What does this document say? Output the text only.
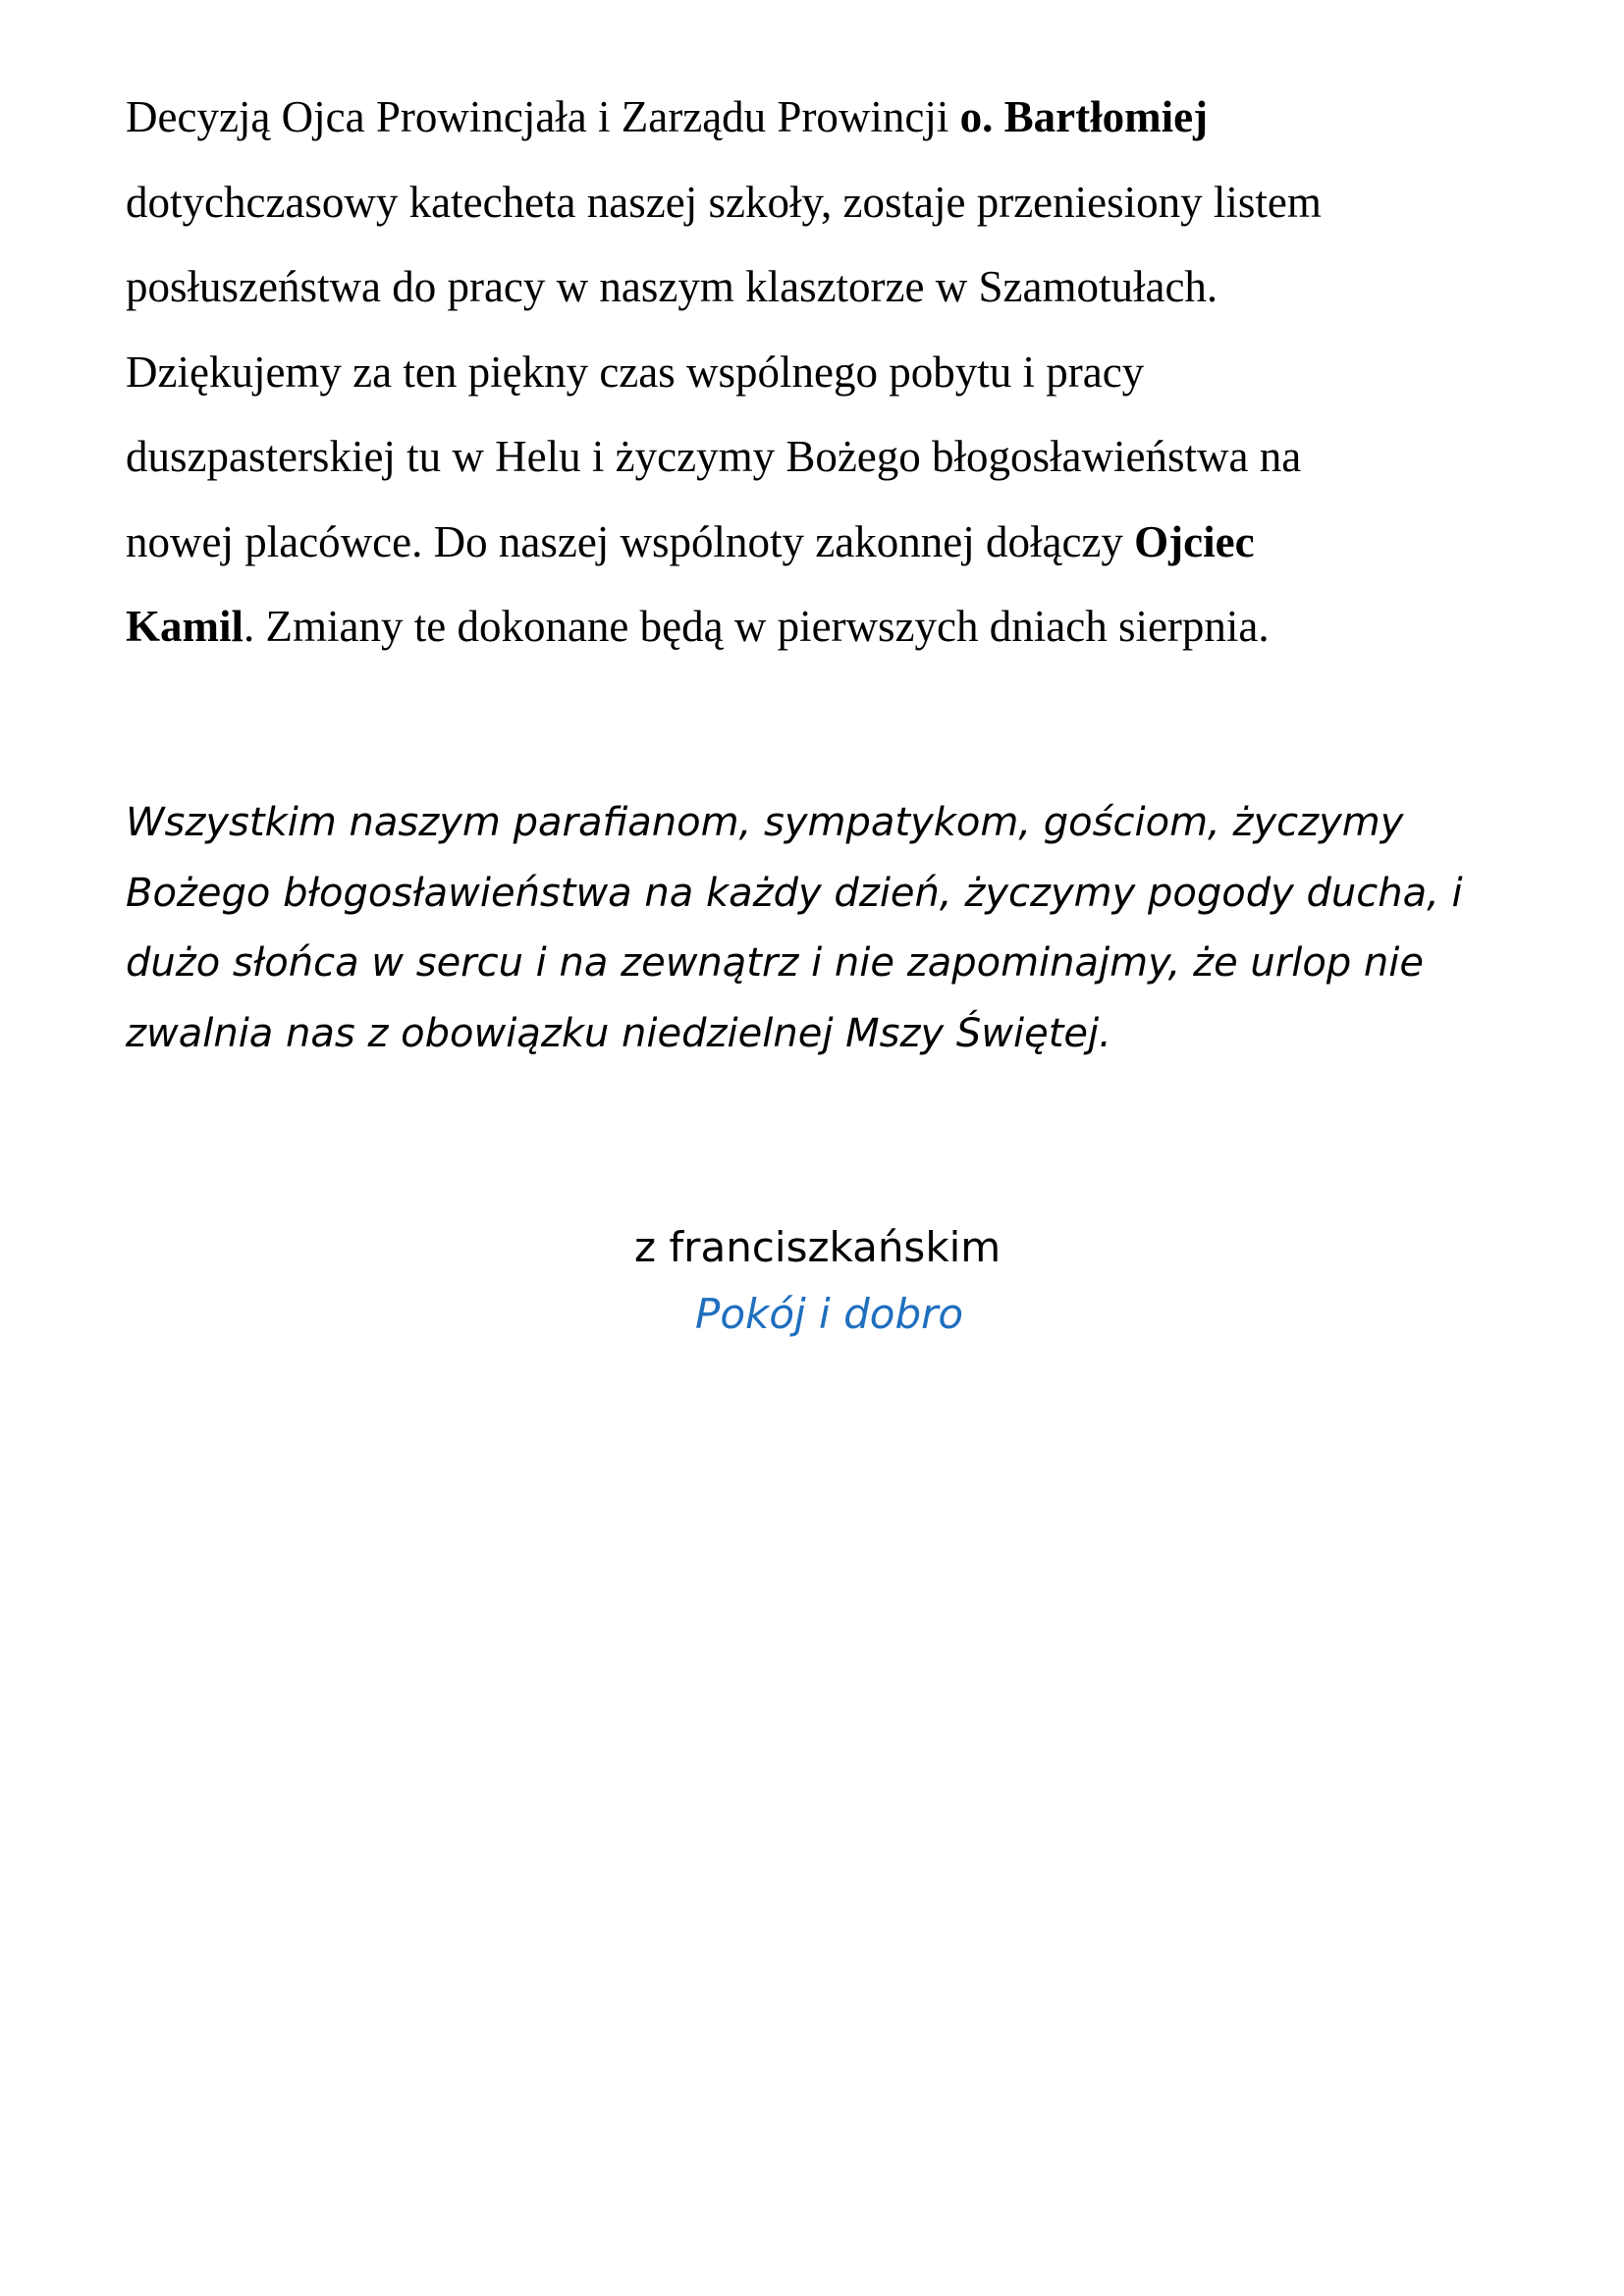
Decyzją Ojca Prowincjała i Zarządu Prowincji o. Bartłomiej
dotychczasowy katecheta naszej szkoły, zostaje przeniesiony listem
posłuszeństwa do pracy w naszym klasztorze w Szamotułach.
Dziękujemy za ten piękny czas wspólnego pobytu i pracy
duszpasterskiej tu w Helu i życzymy Bożego błogosławieństwa na
nowej placówce. Do naszej wspólnoty zakonnej dołączy Ojciec
Kamil. Zmiany te dokonane będą w pierwszych dniach sierpnia.

Wszystkim naszym parafianom, sympatykom, gościom, życzymy
Bożego błogosławieństwa na każdy dzień, życzymy pogody ducha, i
dużo słońca w sercu i na zewnątrz i nie zapominajmy, że urlop nie
zwalnia nas z obowiązku niedzielnej Mszy Świętej.

z franciszkańskim
Pokój i dobro
